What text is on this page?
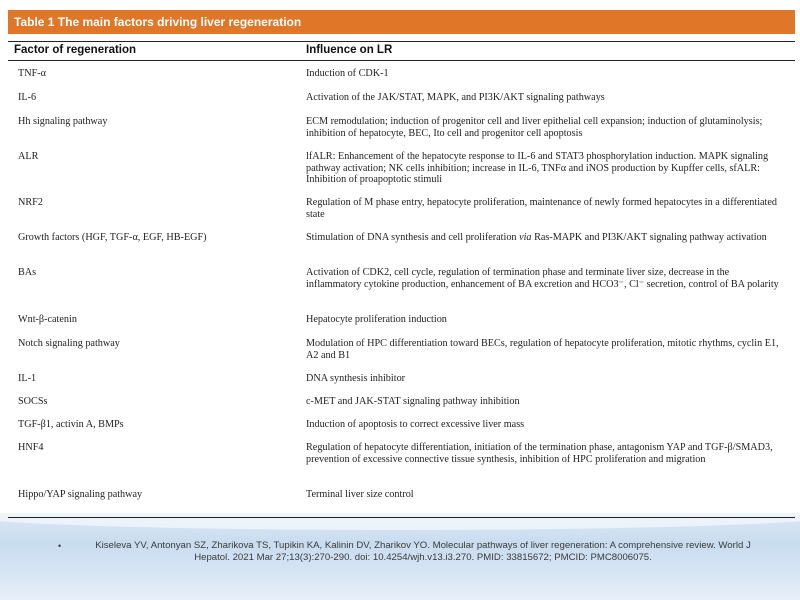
Table 1 The main factors driving liver regeneration
Factor of regeneration	Influence on LR
TNF-α	Induction of CDK-1
IL-6	Activation of the JAK/STAT, MAPK, and PI3K/AKT signaling pathways
Hh signaling pathway	ECM remodulation; induction of progenitor cell and liver epithelial cell expansion; induction of glutaminolysis; inhibition of hepatocyte, BEC, Ito cell and progenitor cell apoptosis
ALR	lfALR: Enhancement of the hepatocyte response to IL-6 and STAT3 phosphorylation induction. MAPK signaling pathway activation; NK cells inhibition; increase in IL-6, TNFα and iNOS production by Kupffer cells, sfALR: Inhibition of proapoptotic stimuli
NRF2	Regulation of M phase entry, hepatocyte proliferation, maintenance of newly formed hepatocytes in a differentiated state
Growth factors (HGF, TGF-α, EGF, HB-EGF)	Stimulation of DNA synthesis and cell proliferation via Ras-MAPK and PI3K/AKT signaling pathway activation
BAs	Activation of CDK2, cell cycle, regulation of termination phase and terminate liver size, decrease in the inflammatory cytokine production, enhancement of BA excretion and HCO3⁻, Cl⁻ secretion, control of BA polarity
Wnt-β-catenin	Hepatocyte proliferation induction
Notch signaling pathway	Modulation of HPC differentiation toward BECs, regulation of hepatocyte proliferation, mitotic rhythms, cyclin E1, A2 and B1
IL-1	DNA synthesis inhibitor
SOCSs	c-MET and JAK-STAT signaling pathway inhibition
TGF-β1, activin A, BMPs	Induction of apoptosis to correct excessive liver mass
HNF4	Regulation of hepatocyte differentiation, initiation of the termination phase, antagonism YAP and TGF-β/SMAD3, prevention of excessive connective tissue synthesis, inhibition of HPC proliferation and migration
Hippo/YAP signaling pathway	Terminal liver size control
•	Kiseleva YV, Antonyan SZ, Zharikova TS, Tupikin KA, Kalinin DV, Zharikov YO. Molecular pathways of liver regeneration: A comprehensive review. World J Hepatol. 2021 Mar 27;13(3):270-290. doi: 10.4254/wjh.v13.i3.270. PMID: 33815672; PMCID: PMC8006075.
